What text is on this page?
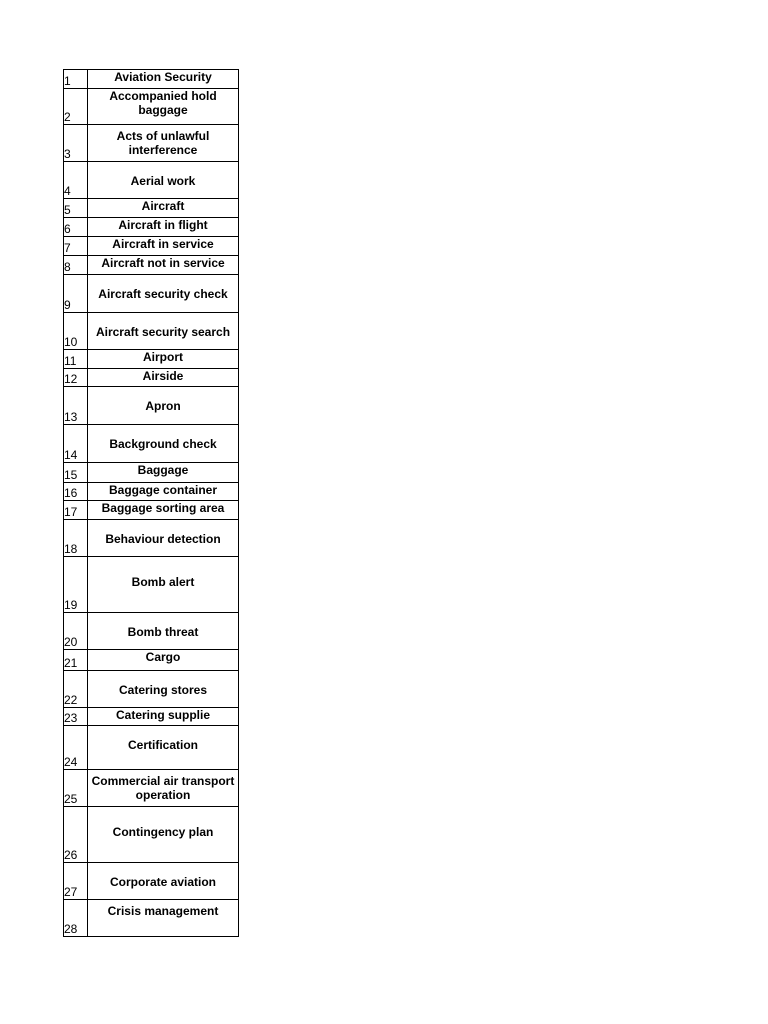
1	Aviation Security
2	Accompanied hold baggage
3	Acts of unlawful interference
4	Aerial work
5	Aircraft
6	Aircraft in flight
7	Aircraft in service
8	Aircraft not in service
9	Aircraft security check
10	Aircraft security search
11	Airport
12	Airside
13	Apron
14	Background check
15	Baggage
16	Baggage container
17	Baggage sorting area
18	Behaviour detection
19	Bomb alert
20	Bomb threat
21	Cargo
22	Catering stores
23	Catering supplie
24	Certification
25	Commercial air transport operation
26	Contingency plan
27	Corporate aviation
28	Crisis management
